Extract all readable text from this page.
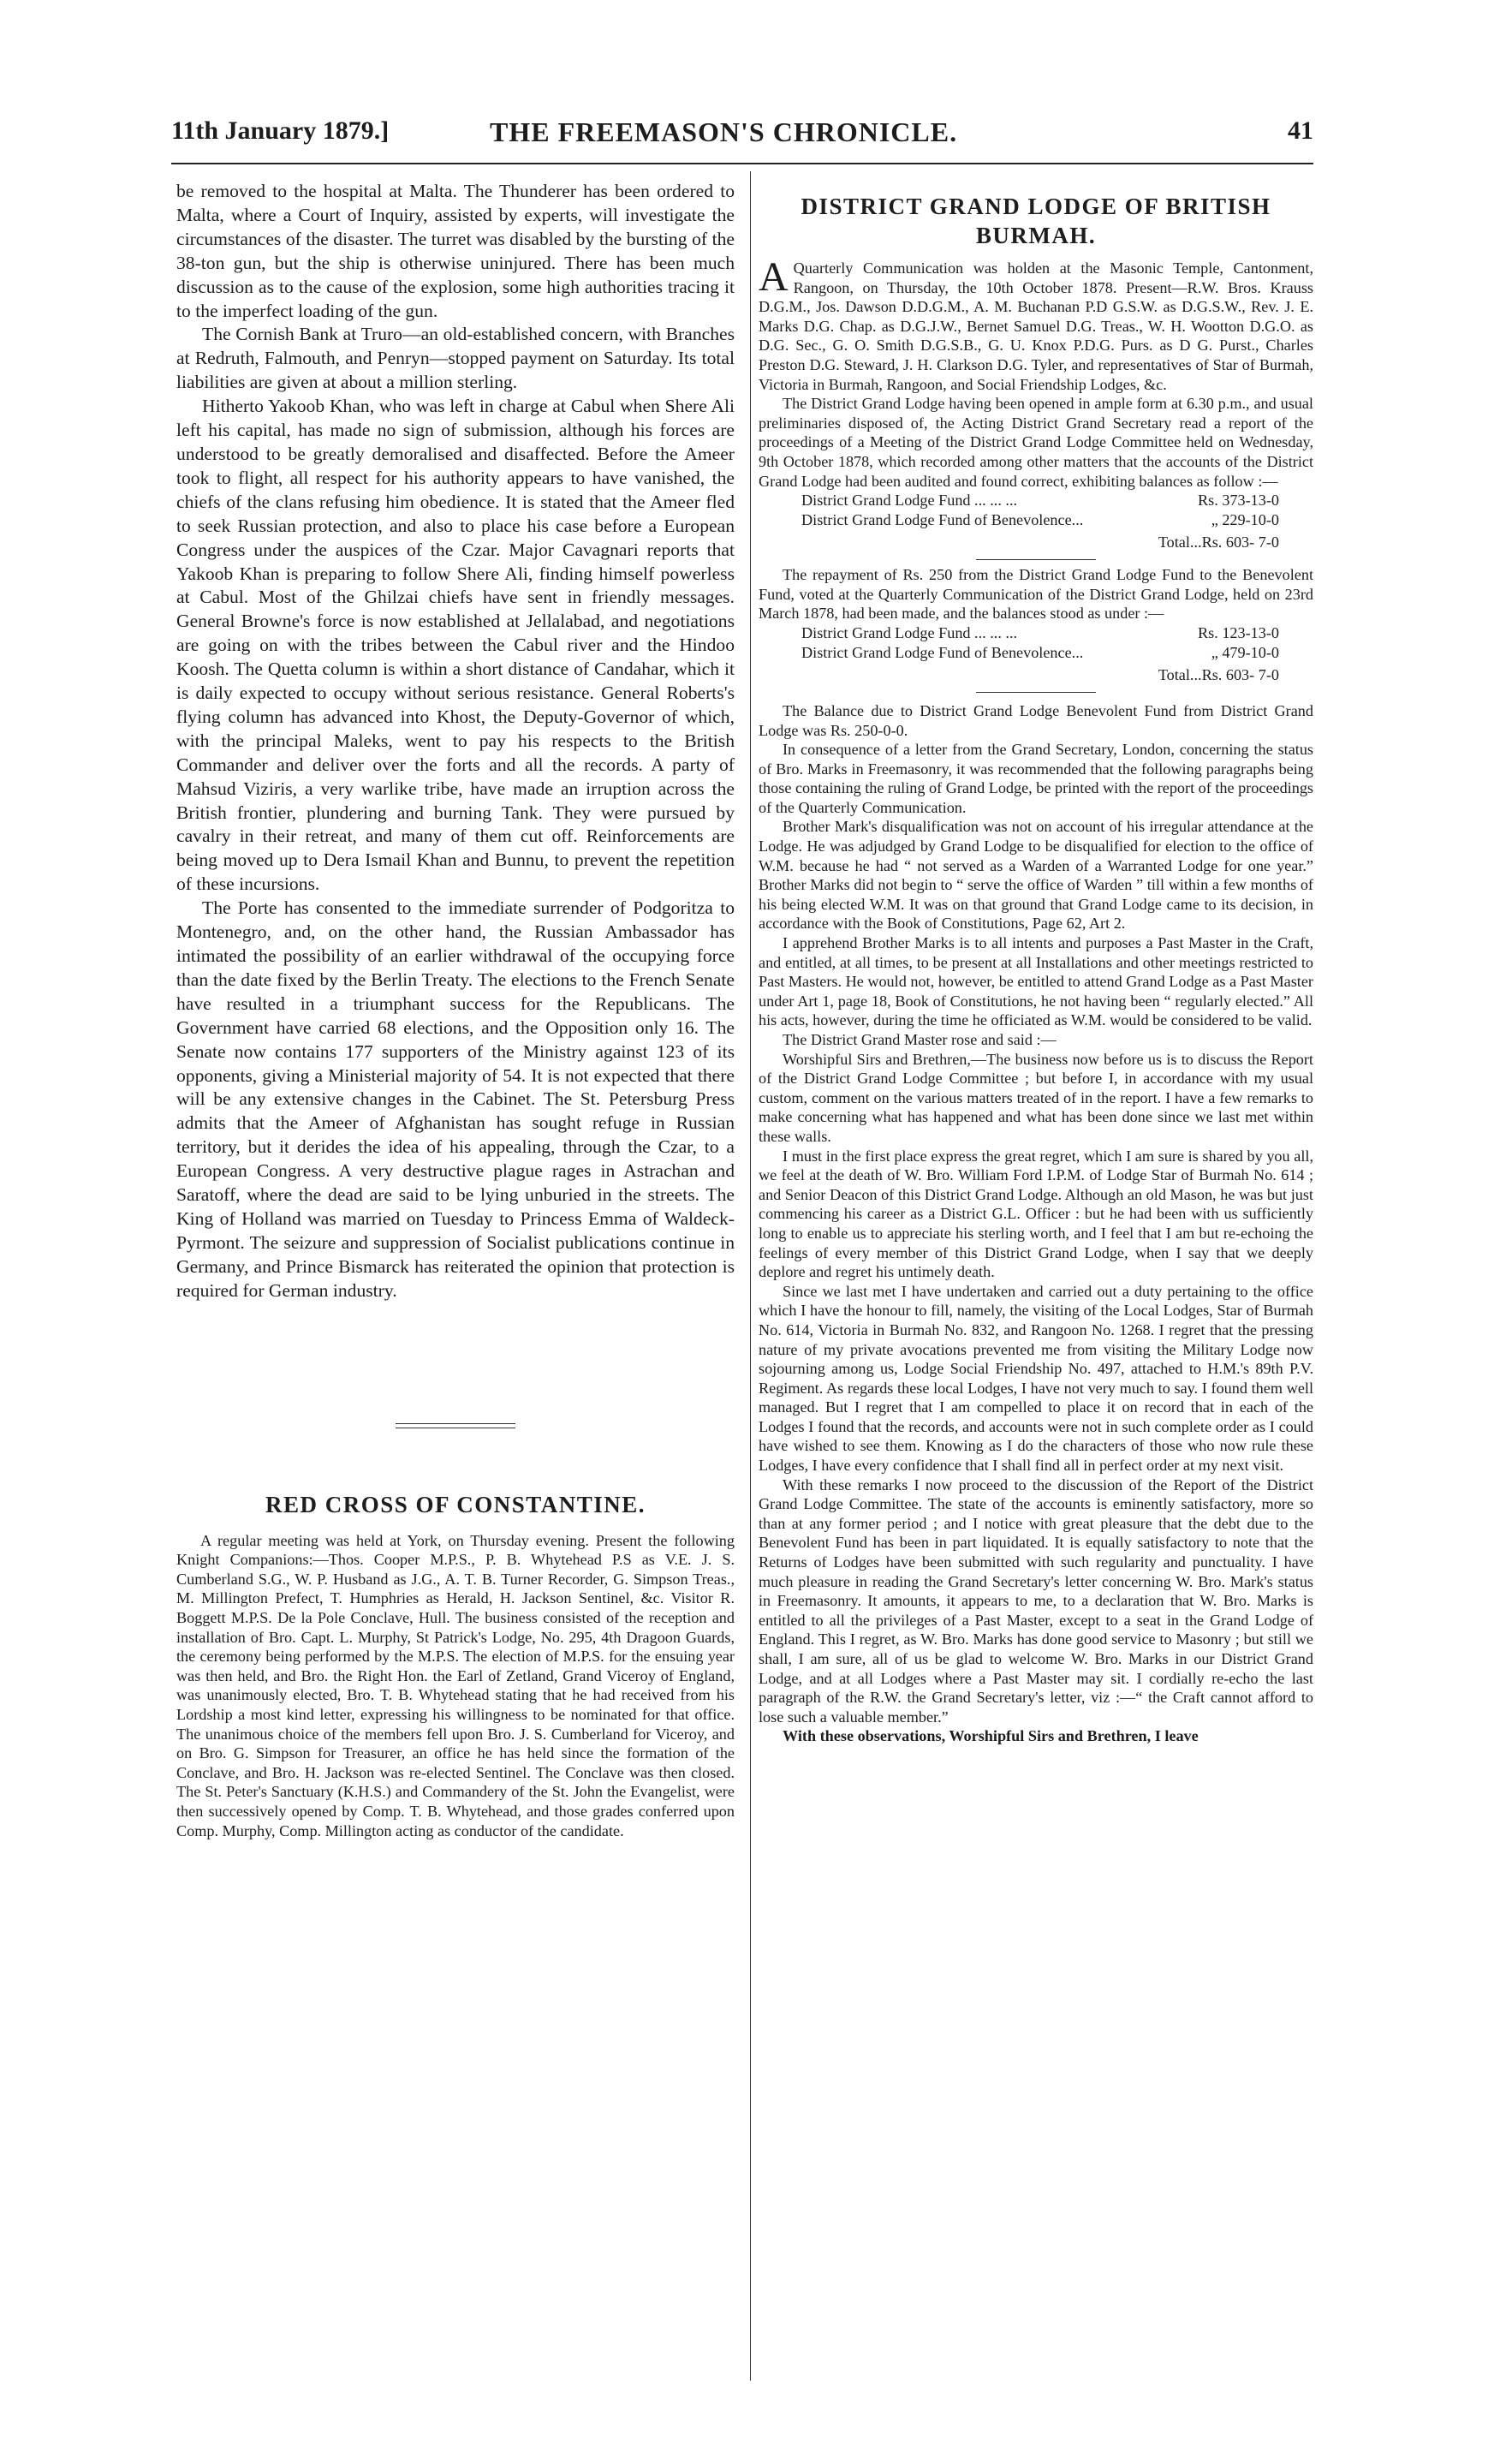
11th January 1879.]	THE FREEMASON'S CHRONICLE.	41

be removed to the hospital at Malta. The Thunderer has been ordered to Malta, where a Court of Inquiry, assisted by experts, will investigate the circumstances of the disaster. The turret was disabled by the bursting of the 38-ton gun, but the ship is otherwise uninjured. There has been much discussion as to the cause of the explosion, some high authorities tracing it to the imperfect loading of the gun.

The Cornish Bank at Truro—an old-established concern, with Branches at Redruth, Falmouth, and Penryn—stopped payment on Saturday. Its total liabilities are given at about a million sterling.

Hitherto Yakoob Khan, who was left in charge at Cabul when Shere Ali left his capital, has made no sign of submission, although his forces are understood to be greatly demoralised and disaffected. Before the Ameer took to flight, all respect for his authority appears to have vanished, the chiefs of the clans refusing him obedience. It is stated that the Ameer fled to seek Russian protection, and also to place his case before a European Congress under the auspices of the Czar. Major Cavagnari reports that Yakoob Khan is preparing to follow Shere Ali, finding himself powerless at Cabul. Most of the Ghilzai chiefs have sent in friendly messages. General Browne's force is now established at Jellalabad, and negotiations are going on with the tribes between the Cabul river and the Hindoo Koosh. The Quetta column is within a short distance of Candahar, which it is daily expected to occupy without serious resistance. General Roberts's flying column has advanced into Khost, the Deputy-Governor of which, with the principal Maleks, went to pay his respects to the British Commander and deliver over the forts and all the records. A party of Mahsud Viziris, a very warlike tribe, have made an irruption across the British frontier, plundering and burning Tank. They were pursued by cavalry in their retreat, and many of them cut off. Reinforcements are being moved up to Dera Ismail Khan and Bunnu, to prevent the repetition of these incursions.

The Porte has consented to the immediate surrender of Podgoritza to Montenegro, and, on the other hand, the Russian Ambassador has intimated the possibility of an earlier withdrawal of the occupying force than the date fixed by the Berlin Treaty. The elections to the French Senate have resulted in a triumphant success for the Republicans. The Government have carried 68 elections, and the Opposition only 16. The Senate now contains 177 supporters of the Ministry against 123 of its opponents, giving a Ministerial majority of 54. It is not expected that there will be any extensive changes in the Cabinet. The St. Petersburg Press admits that the Ameer of Afghanistan has sought refuge in Russian territory, but it derides the idea of his appealing, through the Czar, to a European Congress. A very destructive plague rages in Astrachan and Saratoff, where the dead are said to be lying unburied in the streets. The King of Holland was married on Tuesday to Princess Emma of Waldeck-Pyrmont. The seizure and suppression of Socialist publications continue in Germany, and Prince Bismarck has reiterated the opinion that protection is required for German industry.

RED CROSS OF CONSTANTINE.

A regular meeting was held at York, on Thursday evening. Present the following Knight Companions:—Thos. Cooper M.P.S., P. B. Whytehead P.S as V.E. J. S. Cumberland S.G., W. P. Husband as J.G., A. T. B. Turner Recorder, G. Simpson Treas., M. Millington Prefect, T. Humphries as Herald, H. Jackson Sentinel, &c. Visitor R. Boggett M.P.S. De la Pole Conclave, Hull. The business consisted of the reception and installation of Bro. Capt. L. Murphy, St Patrick's Lodge, No. 295, 4th Dragoon Guards, the ceremony being performed by the M.P.S. The election of M.P.S. for the ensuing year was then held, and Bro. the Right Hon. the Earl of Zetland, Grand Viceroy of England, was unanimously elected, Bro. T. B. Whytehead stating that he had received from his Lordship a most kind letter, expressing his willingness to be nominated for that office. The unanimous choice of the members fell upon Bro. J. S. Cumberland for Viceroy, and on Bro. G. Simpson for Treasurer, an office he has held since the formation of the Conclave, and Bro. H. Jackson was re-elected Sentinel. The Conclave was then closed. The St. Peter's Sanctuary (K.H.S.) and Commandery of the St. John the Evangelist, were then successively opened by Comp. T. B. Whytehead, and those grades conferred upon Comp. Murphy, Comp. Millington acting as conductor of the candidate.

DISTRICT GRAND LODGE OF BRITISH
BURMAH.

A Quarterly Communication was holden at the Masonic Temple, Cantonment, Rangoon, on Thursday, the 10th October 1878. Present—R.W. Bros. Krauss D.G.M., Jos. Dawson D.D.G.M., A. M. Buchanan P.D G.S.W. as D.G.S.W., Rev. J. E. Marks D.G. Chap. as D.G.J.W., Bernet Samuel D.G. Treas., W. H. Wootton D.G.O. as D.G. Sec., G. O. Smith D.G.S.B., G. U. Knox P.D.G. Purs. as D G. Purst., Charles Preston D.G. Steward, J. H. Clarkson D.G. Tyler, and representatives of Star of Burmah, Victoria in Burmah, Rangoon, and Social Friendship Lodges, &c.

The District Grand Lodge having been opened in ample form at 6.30 p.m., and usual preliminaries disposed of, the Acting District Grand Secretary read a report of the proceedings of a Meeting of the District Grand Lodge Committee held on Wednesday, 9th October 1878, which recorded among other matters that the accounts of the District Grand Lodge had been audited and found correct, exhibiting balances as follow :—

District Grand Lodge Fund ... ... ...	Rs. 373-13-0
District Grand Lodge Fund of Benevolence...	„ 229-10-0
Total...Rs. 603- 7-0

The repayment of Rs. 250 from the District Grand Lodge Fund to the Benevolent Fund, voted at the Quarterly Communication of the District Grand Lodge, held on 23rd March 1878, had been made, and the balances stood as under :—

District Grand Lodge Fund ... ... ...	Rs. 123-13-0
District Grand Lodge Fund of Benevolence...	„ 479-10-0
Total...Rs. 603- 7-0

The Balance due to District Grand Lodge Benevolent Fund from District Grand Lodge was Rs. 250-0-0.

In consequence of a letter from the Grand Secretary, London, concerning the status of Bro. Marks in Freemasonry, it was recommended that the following paragraphs being those containing the ruling of Grand Lodge, be printed with the report of the proceedings of the Quarterly Communication.

Brother Mark's disqualification was not on account of his irregular attendance at the Lodge. He was adjudged by Grand Lodge to be disqualified for election to the office of W.M. because he had “ not served as a Warden of a Warranted Lodge for one year.” Brother Marks did not begin to “ serve the office of Warden ” till within a few months of his being elected W.M. It was on that ground that Grand Lodge came to its decision, in accordance with the Book of Constitutions, Page 62, Art 2.

I apprehend Brother Marks is to all intents and purposes a Past Master in the Craft, and entitled, at all times, to be present at all Installations and other meetings restricted to Past Masters. He would not, however, be entitled to attend Grand Lodge as a Past Master under Art 1, page 18, Book of Constitutions, he not having been “ regularly elected.” All his acts, however, during the time he officiated as W.M. would be considered to be valid.

The District Grand Master rose and said :—

Worshipful Sirs and Brethren,—The business now before us is to discuss the Report of the District Grand Lodge Committee ; but before I, in accordance with my usual custom, comment on the various matters treated of in the report. I have a few remarks to make concerning what has happened and what has been done since we last met within these walls.

I must in the first place express the great regret, which I am sure is shared by you all, we feel at the death of W. Bro. William Ford I.P.M. of Lodge Star of Burmah No. 614 ; and Senior Deacon of this District Grand Lodge. Although an old Mason, he was but just commencing his career as a District G.L. Officer : but he had been with us sufficiently long to enable us to appreciate his sterling worth, and I feel that I am but re-echoing the feelings of every member of this District Grand Lodge, when I say that we deeply deplore and regret his untimely death.

Since we last met I have undertaken and carried out a duty pertaining to the office which I have the honour to fill, namely, the visiting of the Local Lodges, Star of Burmah No. 614, Victoria in Burmah No. 832, and Rangoon No. 1268. I regret that the pressing nature of my private avocations prevented me from visiting the Military Lodge now sojourning among us, Lodge Social Friendship No. 497, attached to H.M.'s 89th P.V. Regiment. As regards these local Lodges, I have not very much to say. I found them well managed. But I regret that I am compelled to place it on record that in each of the Lodges I found that the records, and accounts were not in such complete order as I could have wished to see them. Knowing as I do the characters of those who now rule these Lodges, I have every confidence that I shall find all in perfect order at my next visit.

With these remarks I now proceed to the discussion of the Report of the District Grand Lodge Committee. The state of the accounts is eminently satisfactory, more so than at any former period ; and I notice with great pleasure that the debt due to the Benevolent Fund has been in part liquidated. It is equally satisfactory to note that the Returns of Lodges have been submitted with such regularity and punctuality. I have much pleasure in reading the Grand Secretary's letter concerning W. Bro. Mark's status in Freemasonry. It amounts, it appears to me, to a declaration that W. Bro. Marks is entitled to all the privileges of a Past Master, except to a seat in the Grand Lodge of England. This I regret, as W. Bro. Marks has done good service to Masonry ; but still we shall, I am sure, all of us be glad to welcome W. Bro. Marks in our District Grand Lodge, and at all Lodges where a Past Master may sit. I cordially re-echo the last paragraph of the R.W. the Grand Secretary's letter, viz :—“ the Craft cannot afford to lose such a valuable member.”

With these observations, Worshipful Sirs and Brethren, I leave
